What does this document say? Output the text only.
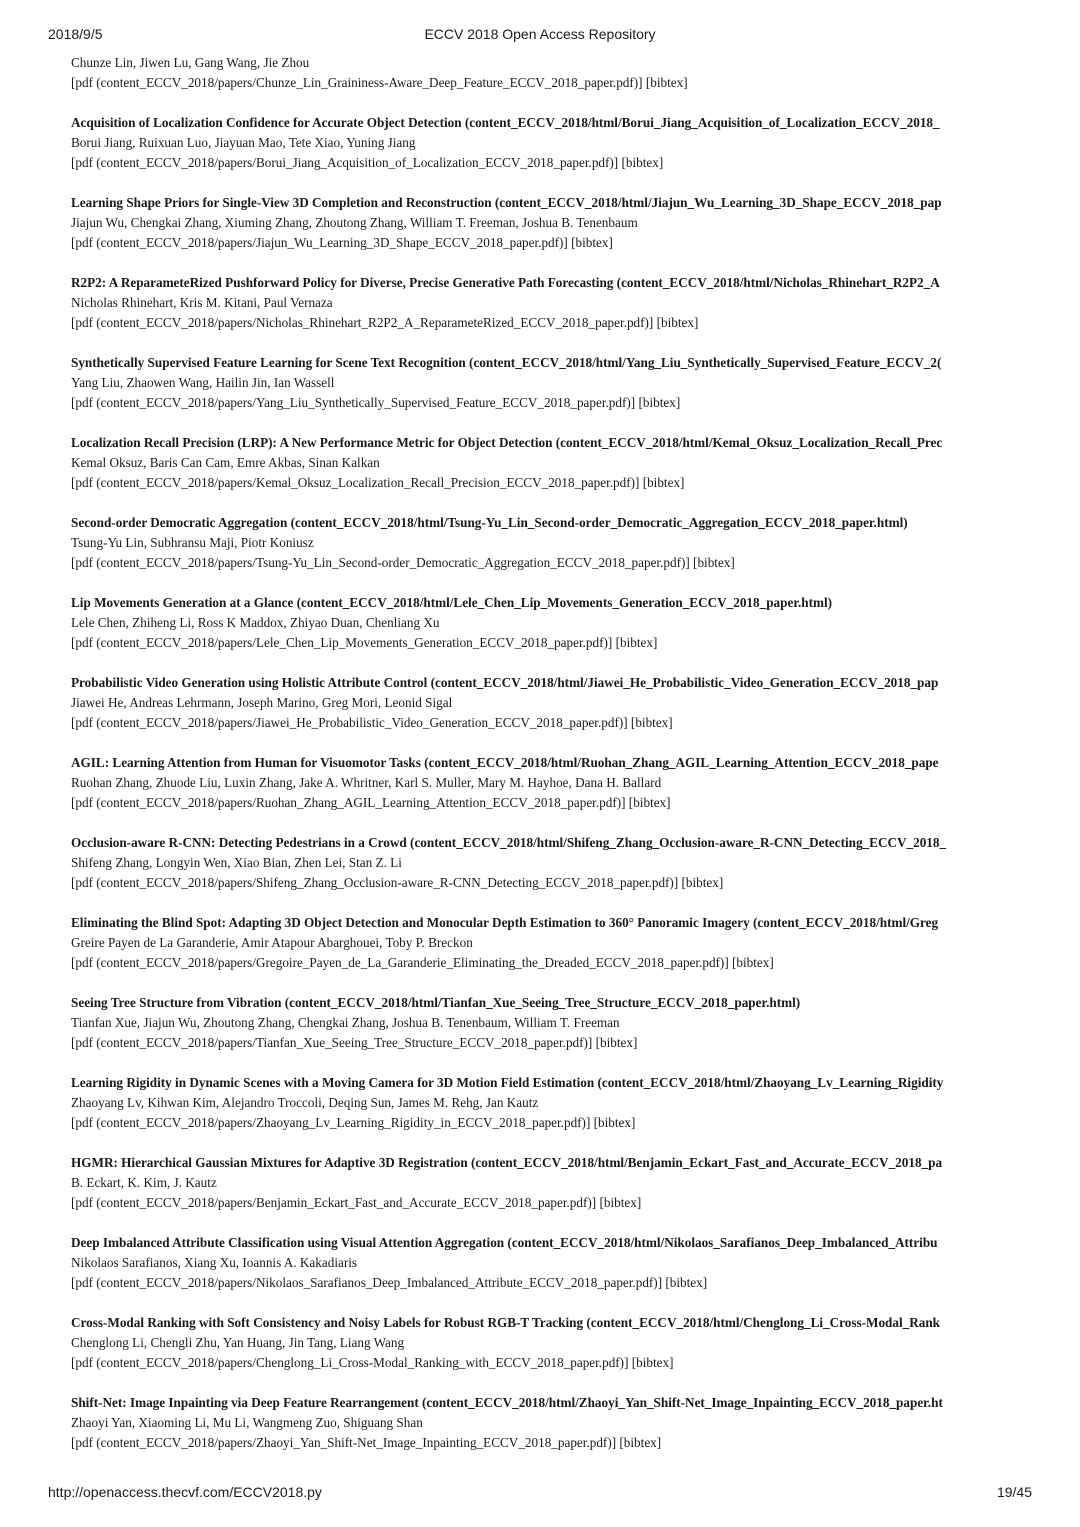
2018/9/5	ECCV 2018 Open Access Repository
Chunze Lin, Jiwen Lu, Gang Wang, Jie Zhou
[pdf (content_ECCV_2018/papers/Chunze_Lin_Graininess-Aware_Deep_Feature_ECCV_2018_paper.pdf)] [bibtex]
Acquisition of Localization Confidence for Accurate Object Detection (content_ECCV_2018/html/Borui_Jiang_Acquisition_of_Localization_ECCV_2018_
Borui Jiang, Ruixuan Luo, Jiayuan Mao, Tete Xiao, Yuning Jiang
[pdf (content_ECCV_2018/papers/Borui_Jiang_Acquisition_of_Localization_ECCV_2018_paper.pdf)] [bibtex]
Learning Shape Priors for Single-View 3D Completion and Reconstruction (content_ECCV_2018/html/Jiajun_Wu_Learning_3D_Shape_ECCV_2018_pap
Jiajun Wu, Chengkai Zhang, Xiuming Zhang, Zhoutong Zhang, William T. Freeman, Joshua B. Tenenbaum
[pdf (content_ECCV_2018/papers/Jiajun_Wu_Learning_3D_Shape_ECCV_2018_paper.pdf)] [bibtex]
R2P2: A ReparameteRized Pushforward Policy for Diverse, Precise Generative Path Forecasting (content_ECCV_2018/html/Nicholas_Rhinehart_R2P2_A
Nicholas Rhinehart, Kris M. Kitani, Paul Vernaza
[pdf (content_ECCV_2018/papers/Nicholas_Rhinehart_R2P2_A_ReparameteRized_ECCV_2018_paper.pdf)] [bibtex]
Synthetically Supervised Feature Learning for Scene Text Recognition (content_ECCV_2018/html/Yang_Liu_Synthetically_Supervised_Feature_ECCV_2(
Yang Liu, Zhaowen Wang, Hailin Jin, Ian Wassell
[pdf (content_ECCV_2018/papers/Yang_Liu_Synthetically_Supervised_Feature_ECCV_2018_paper.pdf)] [bibtex]
Localization Recall Precision (LRP): A New Performance Metric for Object Detection (content_ECCV_2018/html/Kemal_Oksuz_Localization_Recall_Prec
Kemal Oksuz, Baris Can Cam, Emre Akbas, Sinan Kalkan
[pdf (content_ECCV_2018/papers/Kemal_Oksuz_Localization_Recall_Precision_ECCV_2018_paper.pdf)] [bibtex]
Second-order Democratic Aggregation (content_ECCV_2018/html/Tsung-Yu_Lin_Second-order_Democratic_Aggregation_ECCV_2018_paper.html)
Tsung-Yu Lin, Subhransu Maji, Piotr Koniusz
[pdf (content_ECCV_2018/papers/Tsung-Yu_Lin_Second-order_Democratic_Aggregation_ECCV_2018_paper.pdf)] [bibtex]
Lip Movements Generation at a Glance (content_ECCV_2018/html/Lele_Chen_Lip_Movements_Generation_ECCV_2018_paper.html)
Lele Chen, Zhiheng Li, Ross K Maddox, Zhiyao Duan, Chenliang Xu
[pdf (content_ECCV_2018/papers/Lele_Chen_Lip_Movements_Generation_ECCV_2018_paper.pdf)] [bibtex]
Probabilistic Video Generation using Holistic Attribute Control (content_ECCV_2018/html/Jiawei_He_Probabilistic_Video_Generation_ECCV_2018_pap
Jiawei He, Andreas Lehrmann, Joseph Marino, Greg Mori, Leonid Sigal
[pdf (content_ECCV_2018/papers/Jiawei_He_Probabilistic_Video_Generation_ECCV_2018_paper.pdf)] [bibtex]
AGIL: Learning Attention from Human for Visuomotor Tasks (content_ECCV_2018/html/Ruohan_Zhang_AGIL_Learning_Attention_ECCV_2018_pape
Ruohan Zhang, Zhuode Liu, Luxin Zhang, Jake A. Whritner, Karl S. Muller, Mary M. Hayhoe, Dana H. Ballard
[pdf (content_ECCV_2018/papers/Ruohan_Zhang_AGIL_Learning_Attention_ECCV_2018_paper.pdf)] [bibtex]
Occlusion-aware R-CNN: Detecting Pedestrians in a Crowd (content_ECCV_2018/html/Shifeng_Zhang_Occlusion-aware_R-CNN_Detecting_ECCV_2018_
Shifeng Zhang, Longyin Wen, Xiao Bian, Zhen Lei, Stan Z. Li
[pdf (content_ECCV_2018/papers/Shifeng_Zhang_Occlusion-aware_R-CNN_Detecting_ECCV_2018_paper.pdf)] [bibtex]
Eliminating the Blind Spot: Adapting 3D Object Detection and Monocular Depth Estimation to 360° Panoramic Imagery (content_ECCV_2018/html/Greg
Greire Payen de La Garanderie, Amir Atapour Abarghouei, Toby P. Breckon
[pdf (content_ECCV_2018/papers/Gregoire_Payen_de_La_Garanderie_Eliminating_the_Dreaded_ECCV_2018_paper.pdf)] [bibtex]
Seeing Tree Structure from Vibration (content_ECCV_2018/html/Tianfan_Xue_Seeing_Tree_Structure_ECCV_2018_paper.html)
Tianfan Xue, Jiajun Wu, Zhoutong Zhang, Chengkai Zhang, Joshua B. Tenenbaum, William T. Freeman
[pdf (content_ECCV_2018/papers/Tianfan_Xue_Seeing_Tree_Structure_ECCV_2018_paper.pdf)] [bibtex]
Learning Rigidity in Dynamic Scenes with a Moving Camera for 3D Motion Field Estimation (content_ECCV_2018/html/Zhaoyang_Lv_Learning_Rigidity
Zhaoyang Lv, Kihwan Kim, Alejandro Troccoli, Deqing Sun, James M. Rehg, Jan Kautz
[pdf (content_ECCV_2018/papers/Zhaoyang_Lv_Learning_Rigidity_in_ECCV_2018_paper.pdf)] [bibtex]
HGMR: Hierarchical Gaussian Mixtures for Adaptive 3D Registration (content_ECCV_2018/html/Benjamin_Eckart_Fast_and_Accurate_ECCV_2018_pa
B. Eckart, K. Kim, J. Kautz
[pdf (content_ECCV_2018/papers/Benjamin_Eckart_Fast_and_Accurate_ECCV_2018_paper.pdf)] [bibtex]
Deep Imbalanced Attribute Classification using Visual Attention Aggregation (content_ECCV_2018/html/Nikolaos_Sarafianos_Deep_Imbalanced_Attribu
Nikolaos Sarafianos, Xiang Xu, Ioannis A. Kakadiaris
[pdf (content_ECCV_2018/papers/Nikolaos_Sarafianos_Deep_Imbalanced_Attribute_ECCV_2018_paper.pdf)] [bibtex]
Cross-Modal Ranking with Soft Consistency and Noisy Labels for Robust RGB-T Tracking (content_ECCV_2018/html/Chenglong_Li_Cross-Modal_Rank
Chenglong Li, Chengli Zhu, Yan Huang, Jin Tang, Liang Wang
[pdf (content_ECCV_2018/papers/Chenglong_Li_Cross-Modal_Ranking_with_ECCV_2018_paper.pdf)] [bibtex]
Shift-Net: Image Inpainting via Deep Feature Rearrangement (content_ECCV_2018/html/Zhaoyi_Yan_Shift-Net_Image_Inpainting_ECCV_2018_paper.ht
Zhaoyi Yan, Xiaoming Li, Mu Li, Wangmeng Zuo, Shiguang Shan
[pdf (content_ECCV_2018/papers/Zhaoyi_Yan_Shift-Net_Image_Inpainting_ECCV_2018_paper.pdf)] [bibtex]
http://openaccess.thecvf.com/ECCV2018.py	19/45
